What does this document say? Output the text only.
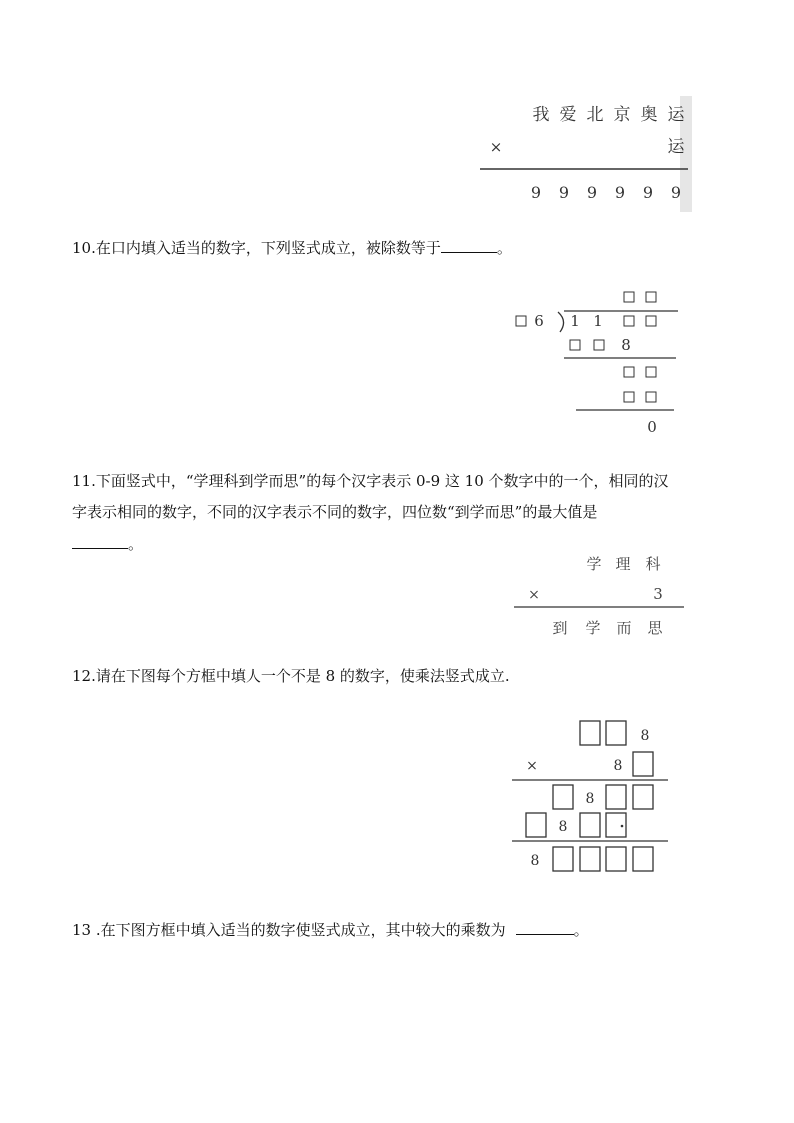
我 爱 北 京 奥 运
×	运
9 9 9 9 9 9
10.在口内填入适当的数字，下列竖式成立，被除数等于	。
6 1 1
8
0
11.下面竖式中，“学理科到学而思”的每个汉字表示 0-9 这 10 个数字中的一个，相同的汉
字表示相同的数字，不同的汉字表示不同的数字，四位数“到学而思”的最大值是
。
学 理 科
×	3
到 学 而 思
12.请在下图每个方框中填人一个不是 8 的数字，使乘法竖式成立.
8
×	8
8
8
8
13 .在下图方框中填入适当的数字使竖式成立，其中较大的乘数为	。
